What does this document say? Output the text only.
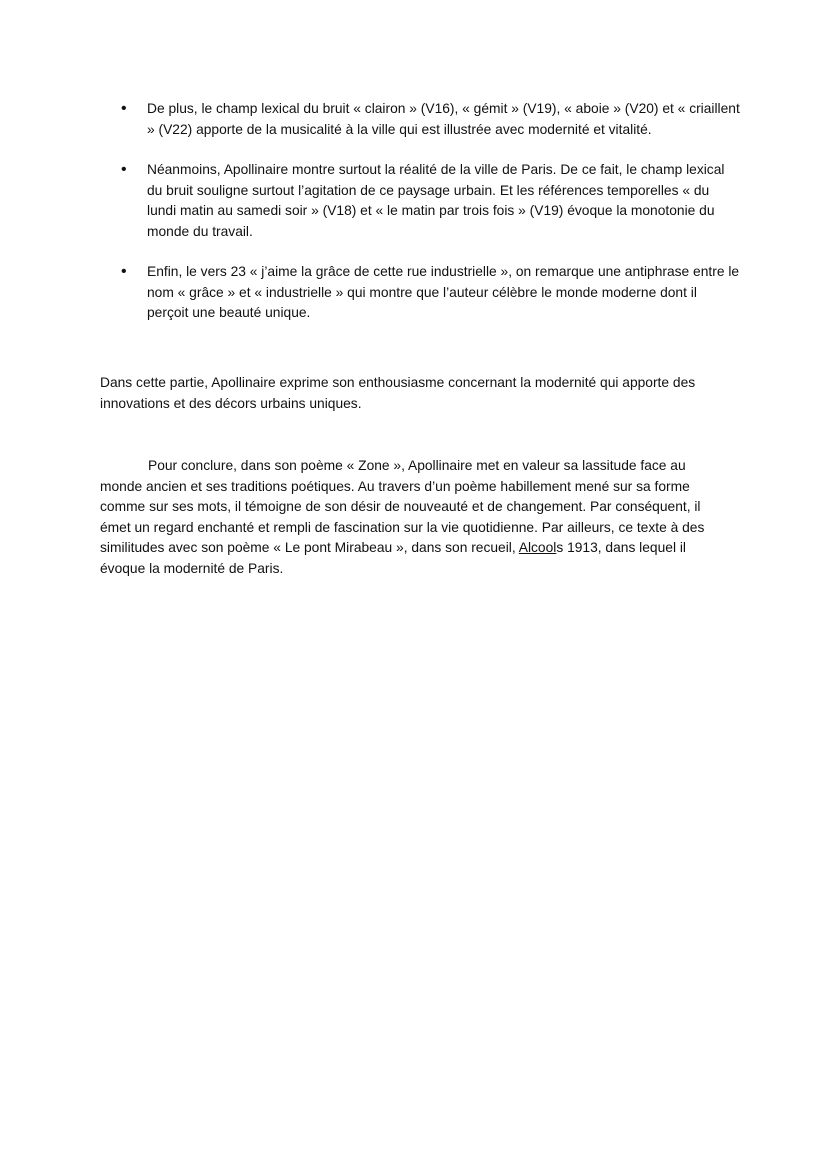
• De plus, le champ lexical du bruit « clairon » (V16), « gémit » (V19), « aboie » (V20) et « criaillent » (V22) apporte de la musicalité à la ville qui est illustrée avec modernité et vitalité.
• Néanmoins, Apollinaire montre surtout la réalité de la ville de Paris. De ce fait, le champ lexical du bruit souligne surtout l’agitation de ce paysage urbain. Et les références temporelles « du lundi matin au samedi soir » (V18) et « le matin par trois fois » (V19) évoque la monotonie du monde du travail.
• Enfin, le vers 23 « j’aime la grâce de cette rue industrielle », on remarque une antiphrase entre le nom « grâce » et « industrielle » qui montre que l’auteur célèbre le monde moderne dont il perçoit une beauté unique.

Dans cette partie, Apollinaire exprime son enthousiasme concernant la modernité qui apporte des innovations et des décors urbains uniques.

Pour conclure, dans son poème « Zone », Apollinaire met en valeur sa lassitude face au monde ancien et ses traditions poétiques. Au travers d’un poème habillement mené sur sa forme comme sur ses mots, il témoigne de son désir de nouveauté et de changement. Par conséquent, il émet un regard enchanté et rempli de fascination sur la vie quotidienne. Par ailleurs, ce texte à des similitudes avec son poème « Le pont Mirabeau », dans son recueil, Alcools 1913, dans lequel il évoque la modernité de Paris.
